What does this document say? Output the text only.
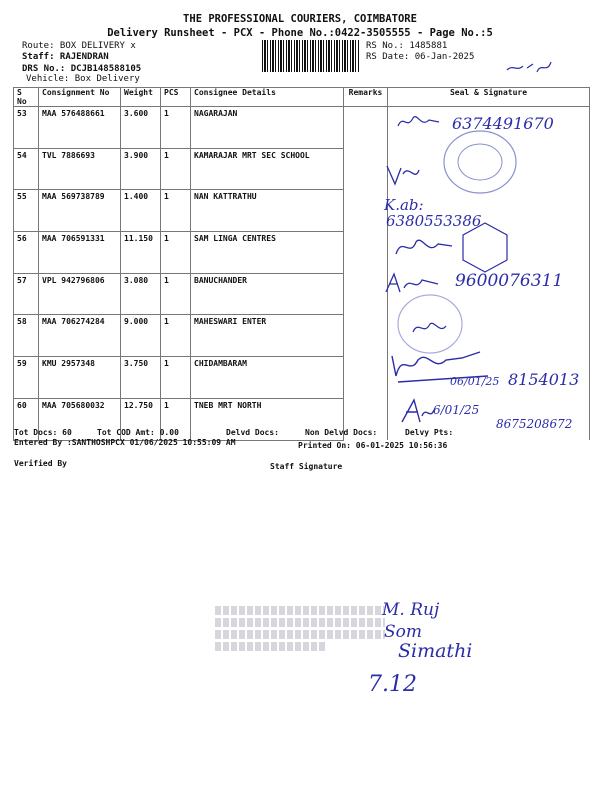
THE PROFESSIONAL COURIERS, COIMBATORE
Delivery Runsheet - PCX - Phone No.:0422-3505555 - Page No.:5
Route: BOX DELIVERY x
Staff: RAJENDRAN
DRS No.: DCJB148588105
Vehicle: Box Delivery
RS No.: 1485881
RS Date: 06-Jan-2025
S No	Consignment No	Weight	PCS	Consignee Details	Remarks	Seal & Signature
53	MAA 576488661	3.600	1	NAGARAJAN		
54	TVL 7886693	3.900	1	KAMARAJAR MRT SEC SCHOOL		
55	MAA 569738789	1.400	1	NAN KATTRATHU		
56	MAA 706591331	11.150	1	SAM LINGA CENTRES		
57	VPL 942796806	3.080	1	BANUCHANDER		
58	MAA 706274284	9.000	1	MAHESWARI ENTER		
59	KMU 2957348	3.750	1	CHIDAMBARAM		
60	MAA 705680032	12.750	1	TNEB MRT NORTH		
6374491670
K.ab:
6380553386
9600076311
06/01/25 8154013
6/01/25
8675208672
Tot Docs: 60	Tot COD Amt: 0.00	Delvd Docs:	Non Delvd Docs:	Delvy Pts:
Entered By :SANTHOSHPCX 01/06/2025 10:55:09 AM	Printed On: 06-01-2025 10:56:36
Verified By	Staff Signature
M. Ruj
Som
Simathi
7.12
